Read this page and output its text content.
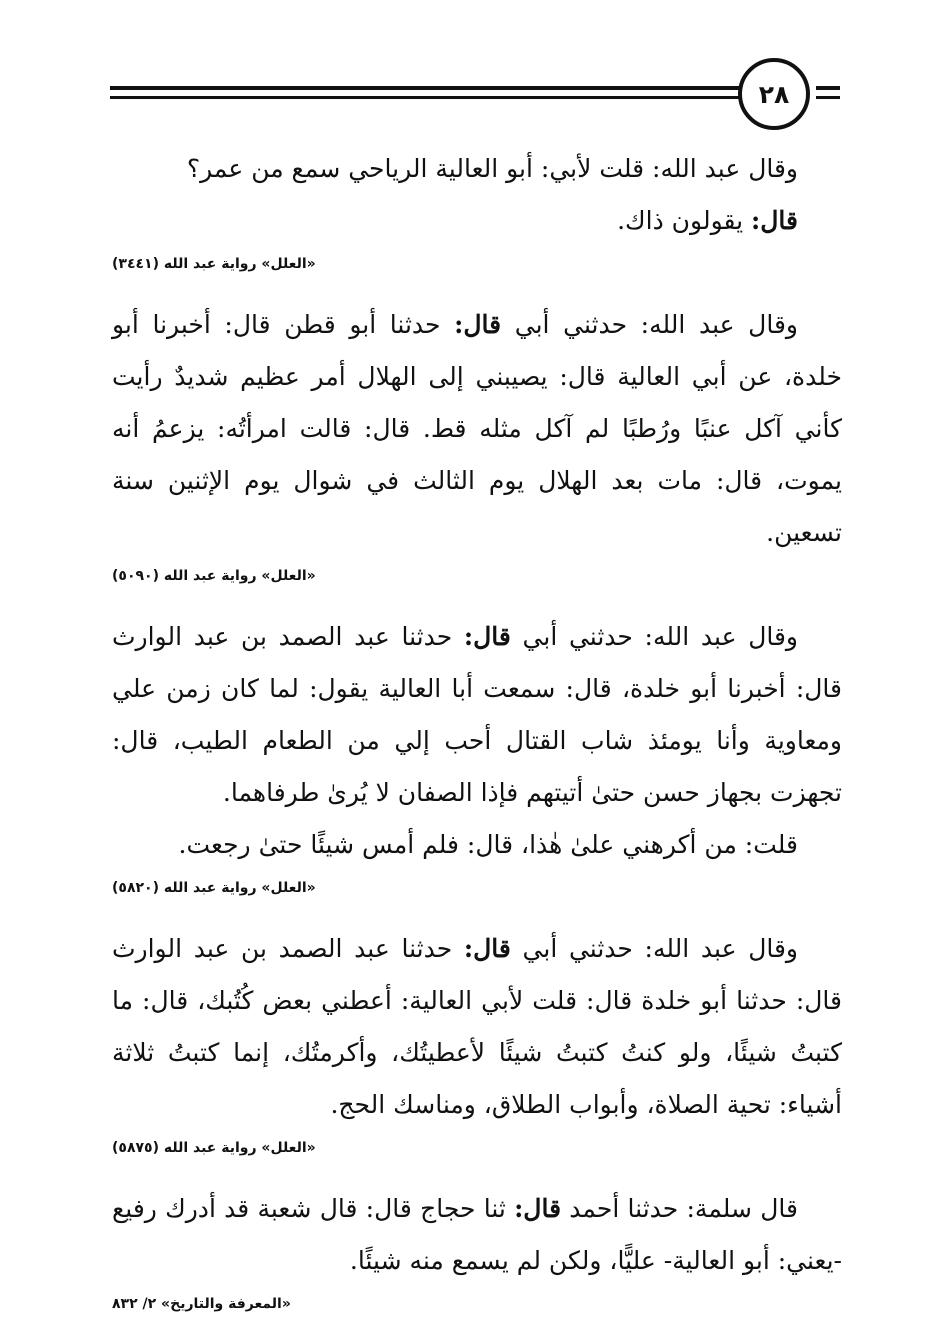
٢٨

وقال عبد الله: قلت لأبي: أبو العالية الرياحي سمع من عمر؟

قال: يقولون ذاك.

«العلل» رواية عبد الله (٣٤٤١)

وقال عبد الله: حدثني أبي قال: حدثنا أبو قطن قال: أخبرنا أبو خلدة، عن أبي العالية قال: يصيبني إلى الهلال أمر عظيم شديدٌ رأيت كأني آكل عنبًا ورُطبًا لم آكل مثله قط. قال: قالت امرأتُه: يزعمُ أنه يموت، قال: مات بعد الهلال يوم الثالث في شوال يوم الإثنين سنة تسعين.

«العلل» رواية عبد الله (٥٠٩٠)

وقال عبد الله: حدثني أبي قال: حدثنا عبد الصمد بن عبد الوارث قال: أخبرنا أبو خلدة، قال: سمعت أبا العالية يقول: لما كان زمن علي ومعاوية وأنا يومئذ شاب القتال أحب إلي من الطعام الطيب، قال: تجهزت بجهاز حسن حتىٰ أتيتهم فإذا الصفان لا يُرىٰ طرفاهما.

قلت: من أكرهني علىٰ هٰذا، قال: فلم أمس شيئًا حتىٰ رجعت.

«العلل» رواية عبد الله (٥٨٢٠)

وقال عبد الله: حدثني أبي قال: حدثنا عبد الصمد بن عبد الوارث قال: حدثنا أبو خلدة قال: قلت لأبي العالية: أعطني بعض كُتُبك، قال: ما كتبتُ شيئًا، ولو كنتُ كتبتُ شيئًا لأعطيتُك، وأكرمتُك، إنما كتبتُ ثلاثة أشياء: تحية الصلاة، وأبواب الطلاق، ومناسك الحج.

«العلل» رواية عبد الله (٥٨٧٥)

قال سلمة: حدثنا أحمد قال: ثنا حجاج قال: قال شعبة قد أدرك رفيع -يعني: أبو العالية- عليًّا، ولكن لم يسمع منه شيئًا.

«المعرفة والتاريخ» ٢/ ٨٣٢
